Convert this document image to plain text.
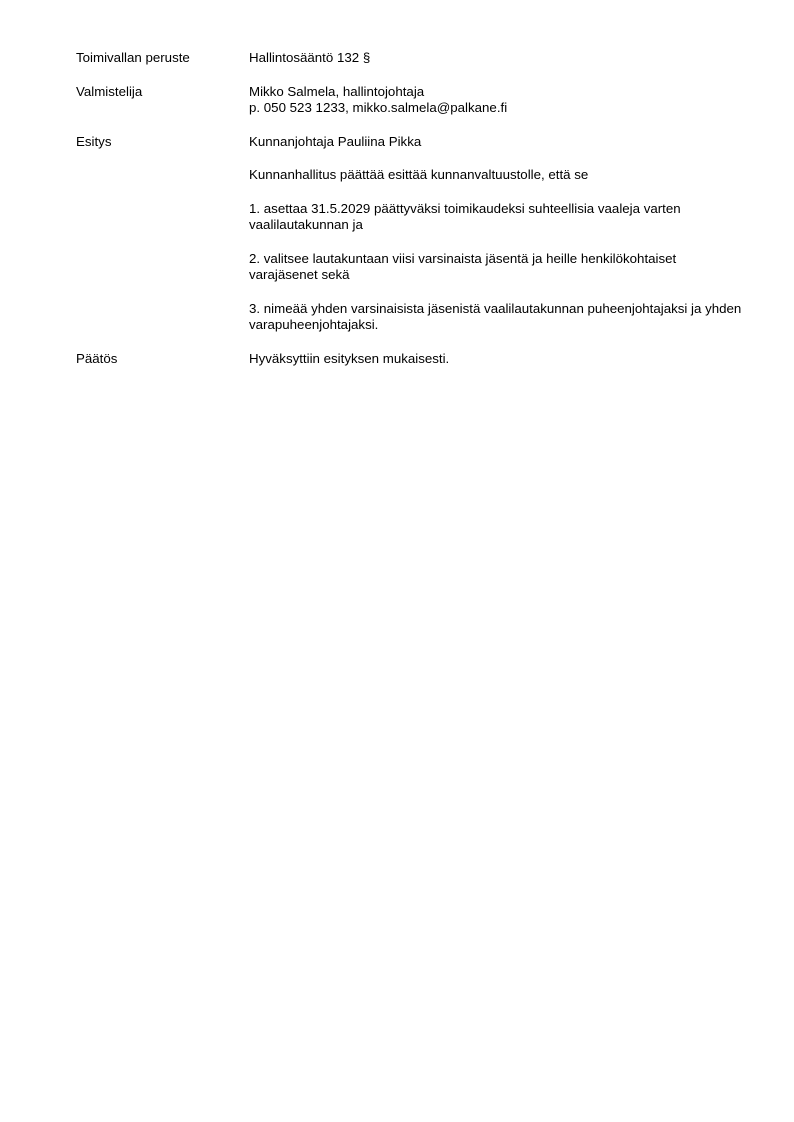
Toimivallan peruste	Hallintosääntö 132 §
Valmistelija	Mikko Salmela, hallintojohtaja
p. 050 523 1233, mikko.salmela@palkane.fi
Esitys	Kunnanjohtaja Pauliina Pikka

Kunnanhallitus päättää esittää kunnanvaltuustolle, että se

1. asettaa 31.5.2029 päättyväksi toimikaudeksi suhteellisia vaaleja varten vaalilautakunnan ja

2. valitsee lautakuntaan viisi varsinaista jäsentä ja heille henkilökohtaiset varajäsenet sekä

3. nimeää yhden varsinaisista jäsenistä vaalilautakunnan puheenjohtajaksi ja yhden varapuheenjohtajaksi.

Päätös	Hyväksyttiin esityksen mukaisesti.
